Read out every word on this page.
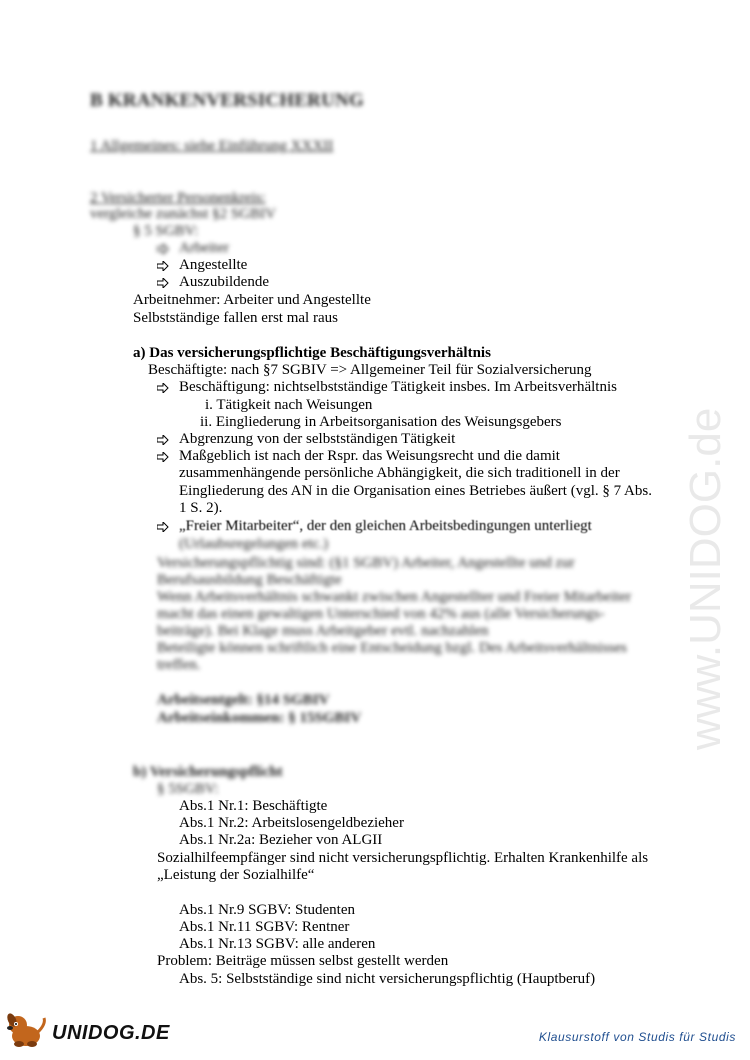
www.UNIDOG.de
B KRANKENVERSICHERUNG
1 Allgemeines: siehe Einführung XXXII
2 Versicherter Personenkreis:
vergleiche zunächst §2 SGBIV
§ 5 SGBV:
Arbeiter
Angestellte
Auszubildende
Arbeitnehmer: Arbeiter und Angestellte
Selbstständige fallen erst mal raus
a) Das versicherungspflichtige Beschäftigungsverhältnis
Beschäftigte: nach §7 SGBIV => Allgemeiner Teil für Sozialversicherung
Beschäftigung: nichtselbstständige Tätigkeit insbes. Im Arbeitsverhältnis
i. Tätigkeit nach Weisungen
ii. Eingliederung in Arbeitsorganisation des Weisungsgebers
Abgrenzung von der selbstständigen Tätigkeit
Maßgeblich ist nach der Rspr. das Weisungsrecht und die damit
zusammenhängende persönliche Abhängigkeit, die sich traditionell in der
Eingliederung des AN in die Organisation eines Betriebes äußert (vgl. § 7 Abs.
1 S. 2).
„Freier Mitarbeiter“, der den gleichen Arbeitsbedingungen unterliegt
(Urlaubsregelungen etc.)
Versicherungspflichtig sind: (§1 SGBV) Arbeiter, Angestellte und zur
Berufsausbildung Beschäftigte
Wenn Arbeitsverhältnis schwankt zwischen Angestellter und Freier Mitarbeiter
macht das einen gewaltigen Unterschied von 42% aus (alle Versicherungs-
beiträge). Bei Klage muss Arbeitgeber evtl. nachzahlen
Beteiligte können schriftlich eine Entscheidung bzgl. Des Arbeitsverhältnisses
treffen.
Arbeitsentgelt: §14 SGBIV
Arbeitseinkommen: § 15SGBIV
b) Versicherungspflicht
§ 5SGBV:
Abs.1 Nr.1: Beschäftigte
Abs.1 Nr.2: Arbeitslosengeldbezieher
Abs.1 Nr.2a: Bezieher von ALGII
Sozialhilfeempfänger sind nicht versicherungspflichtig. Erhalten Krankenhilfe als
„Leistung der Sozialhilfe“
Abs.1 Nr.9 SGBV: Studenten
Abs.1 Nr.11 SGBV: Rentner
Abs.1 Nr.13 SGBV: alle anderen
Problem: Beiträge müssen selbst gestellt werden
Abs. 5: Selbstständige sind nicht versicherungspflichtig (Hauptberuf)
UNIDOG.DE	Klausurstoff von Studis für Studis
